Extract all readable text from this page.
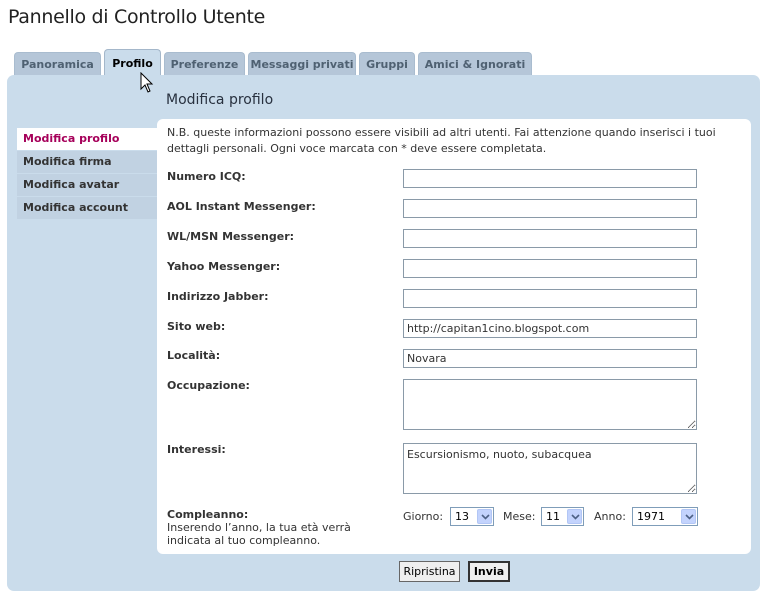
Pannello di Controllo Utente
Panoramica	Profilo	Preferenze	Messaggi privati	Gruppi	Amici & Ignorati
Modifica profilo
Modifica profilo
Modifica firma
Modifica avatar
Modifica account
N.B. queste informazioni possono essere visibili ad altri utenti. Fai attenzione quando inserisci i tuoi dettagli personali. Ogni voce marcata con * deve essere completata.
Numero ICQ:
AOL Instant Messenger:
WL/MSN Messenger:
Yahoo Messenger:
Indirizzo Jabber:
Sito web:
http://capitan1cino.blogspot.com
Località:
Novara
Occupazione:
Interessi:
Escursionismo, nuoto, subacquea
Compleanno:
Inserendo l’anno, la tua età verrà indicata al tuo compleanno.
Giorno: 13	Mese: 11	Anno: 1971
Ripristina	Invia
